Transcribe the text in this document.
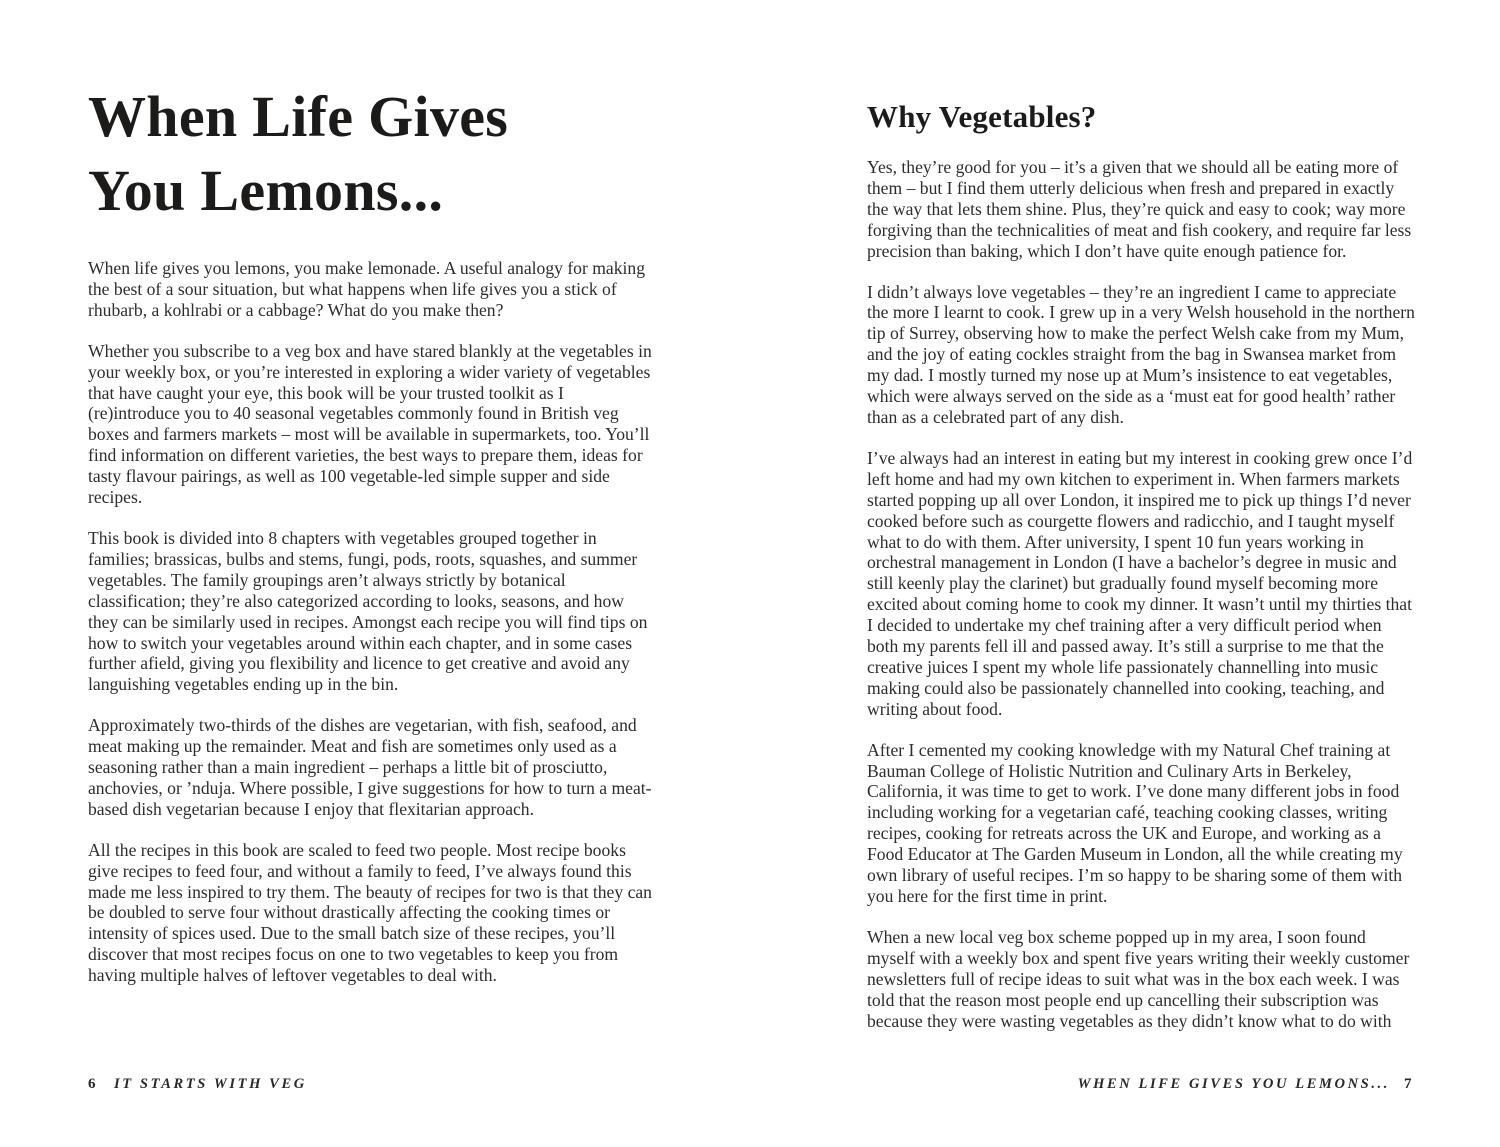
When Life Gives
You Lemons...

When life gives you lemons, you make lemonade. A useful analogy for making the best of a sour situation, but what happens when life gives you a stick of rhubarb, a kohlrabi or a cabbage? What do you make then?

Whether you subscribe to a veg box and have stared blankly at the vegetables in your weekly box, or you’re interested in exploring a wider variety of vegetables that have caught your eye, this book will be your trusted toolkit as I (re)introduce you to 40 seasonal vegetables commonly found in British veg boxes and farmers markets – most will be available in supermarkets, too. You’ll find information on different varieties, the best ways to prepare them, ideas for tasty flavour pairings, as well as 100 vegetable-led simple supper and side recipes.

This book is divided into 8 chapters with vegetables grouped together in families; brassicas, bulbs and stems, fungi, pods, roots, squashes, and summer vegetables. The family groupings aren’t always strictly by botanical classification; they’re also categorized according to looks, seasons, and how they can be similarly used in recipes. Amongst each recipe you will find tips on how to switch your vegetables around within each chapter, and in some cases further afield, giving you flexibility and licence to get creative and avoid any languishing vegetables ending up in the bin.

Approximately two-thirds of the dishes are vegetarian, with fish, seafood, and meat making up the remainder. Meat and fish are sometimes only used as a seasoning rather than a main ingredient – perhaps a little bit of prosciutto, anchovies, or ’nduja. Where possible, I give suggestions for how to turn a meat-based dish vegetarian because I enjoy that flexitarian approach.

All the recipes in this book are scaled to feed two people. Most recipe books give recipes to feed four, and without a family to feed, I’ve always found this made me less inspired to try them. The beauty of recipes for two is that they can be doubled to serve four without drastically affecting the cooking times or intensity of spices used. Due to the small batch size of these recipes, you’ll discover that most recipes focus on one to two vegetables to keep you from having multiple halves of leftover vegetables to deal with.

Why Vegetables?

Yes, they’re good for you – it’s a given that we should all be eating more of them – but I find them utterly delicious when fresh and prepared in exactly the way that lets them shine. Plus, they’re quick and easy to cook; way more forgiving than the technicalities of meat and fish cookery, and require far less precision than baking, which I don’t have quite enough patience for.

I didn’t always love vegetables – they’re an ingredient I came to appreciate the more I learnt to cook. I grew up in a very Welsh household in the northern tip of Surrey, observing how to make the perfect Welsh cake from my Mum, and the joy of eating cockles straight from the bag in Swansea market from my dad. I mostly turned my nose up at Mum’s insistence to eat vegetables, which were always served on the side as a ‘must eat for good health’ rather than as a celebrated part of any dish.

I’ve always had an interest in eating but my interest in cooking grew once I’d left home and had my own kitchen to experiment in. When farmers markets started popping up all over London, it inspired me to pick up things I’d never cooked before such as courgette flowers and radicchio, and I taught myself what to do with them. After university, I spent 10 fun years working in orchestral management in London (I have a bachelor’s degree in music and still keenly play the clarinet) but gradually found myself becoming more excited about coming home to cook my dinner. It wasn’t until my thirties that I decided to undertake my chef training after a very difficult period when both my parents fell ill and passed away. It’s still a surprise to me that the creative juices I spent my whole life passionately channelling into music making could also be passionately channelled into cooking, teaching, and writing about food.

After I cemented my cooking knowledge with my Natural Chef training at Bauman College of Holistic Nutrition and Culinary Arts in Berkeley, California, it was time to get to work. I’ve done many different jobs in food including working for a vegetarian café, teaching cooking classes, writing recipes, cooking for retreats across the UK and Europe, and working as a Food Educator at The Garden Museum in London, all the while creating my own library of useful recipes. I’m so happy to be sharing some of them with you here for the first time in print.

When a new local veg box scheme popped up in my area, I soon found myself with a weekly box and spent five years writing their weekly customer newsletters full of recipe ideas to suit what was in the box each week. I was told that the reason most people end up cancelling their subscription was because they were wasting vegetables as they didn’t know what to do with

6 IT STARTS WITH VEG	WHEN LIFE GIVES YOU LEMONS... 7
